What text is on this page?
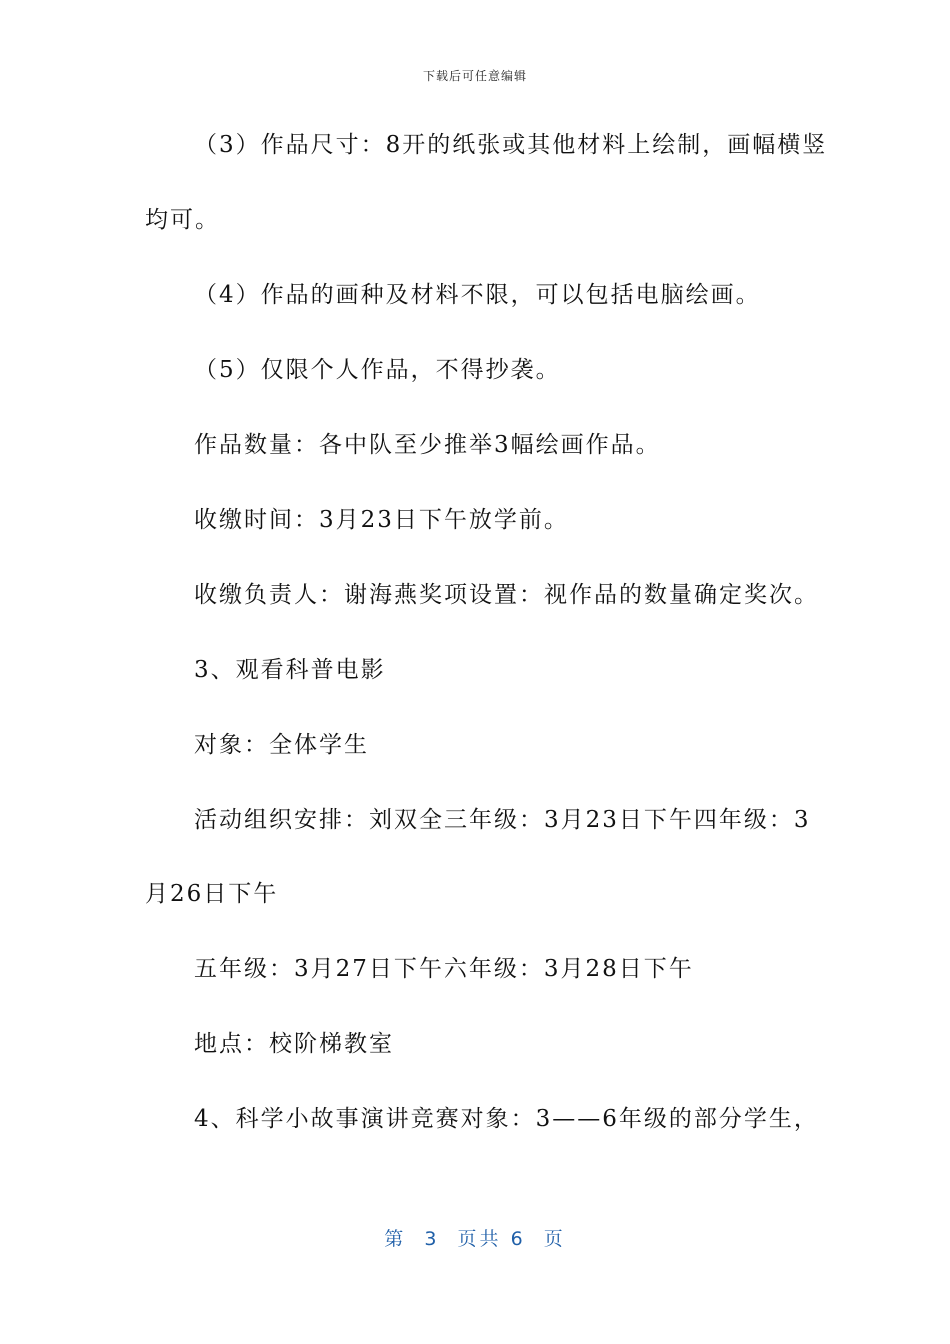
下载后可任意编辑
（3）作品尺寸：8开的纸张或其他材料上绘制，画幅横竖
均可。
（4）作品的画种及材料不限，可以包括电脑绘画。
（5）仅限个人作品，不得抄袭。
作品数量：各中队至少推举3幅绘画作品。
收缴时间：3月23日下午放学前。
收缴负责人：谢海燕奖项设置：视作品的数量确定奖次。
3、观看科普电影
对象：全体学生
活动组织安排：刘双全三年级：3月23日下午四年级：3
月26日下午
五年级：3月27日下午六年级：3月28日下午
地点：校阶梯教室
4、科学小故事演讲竞赛对象：3——6年级的部分学生，
第 3 页共 6 页
